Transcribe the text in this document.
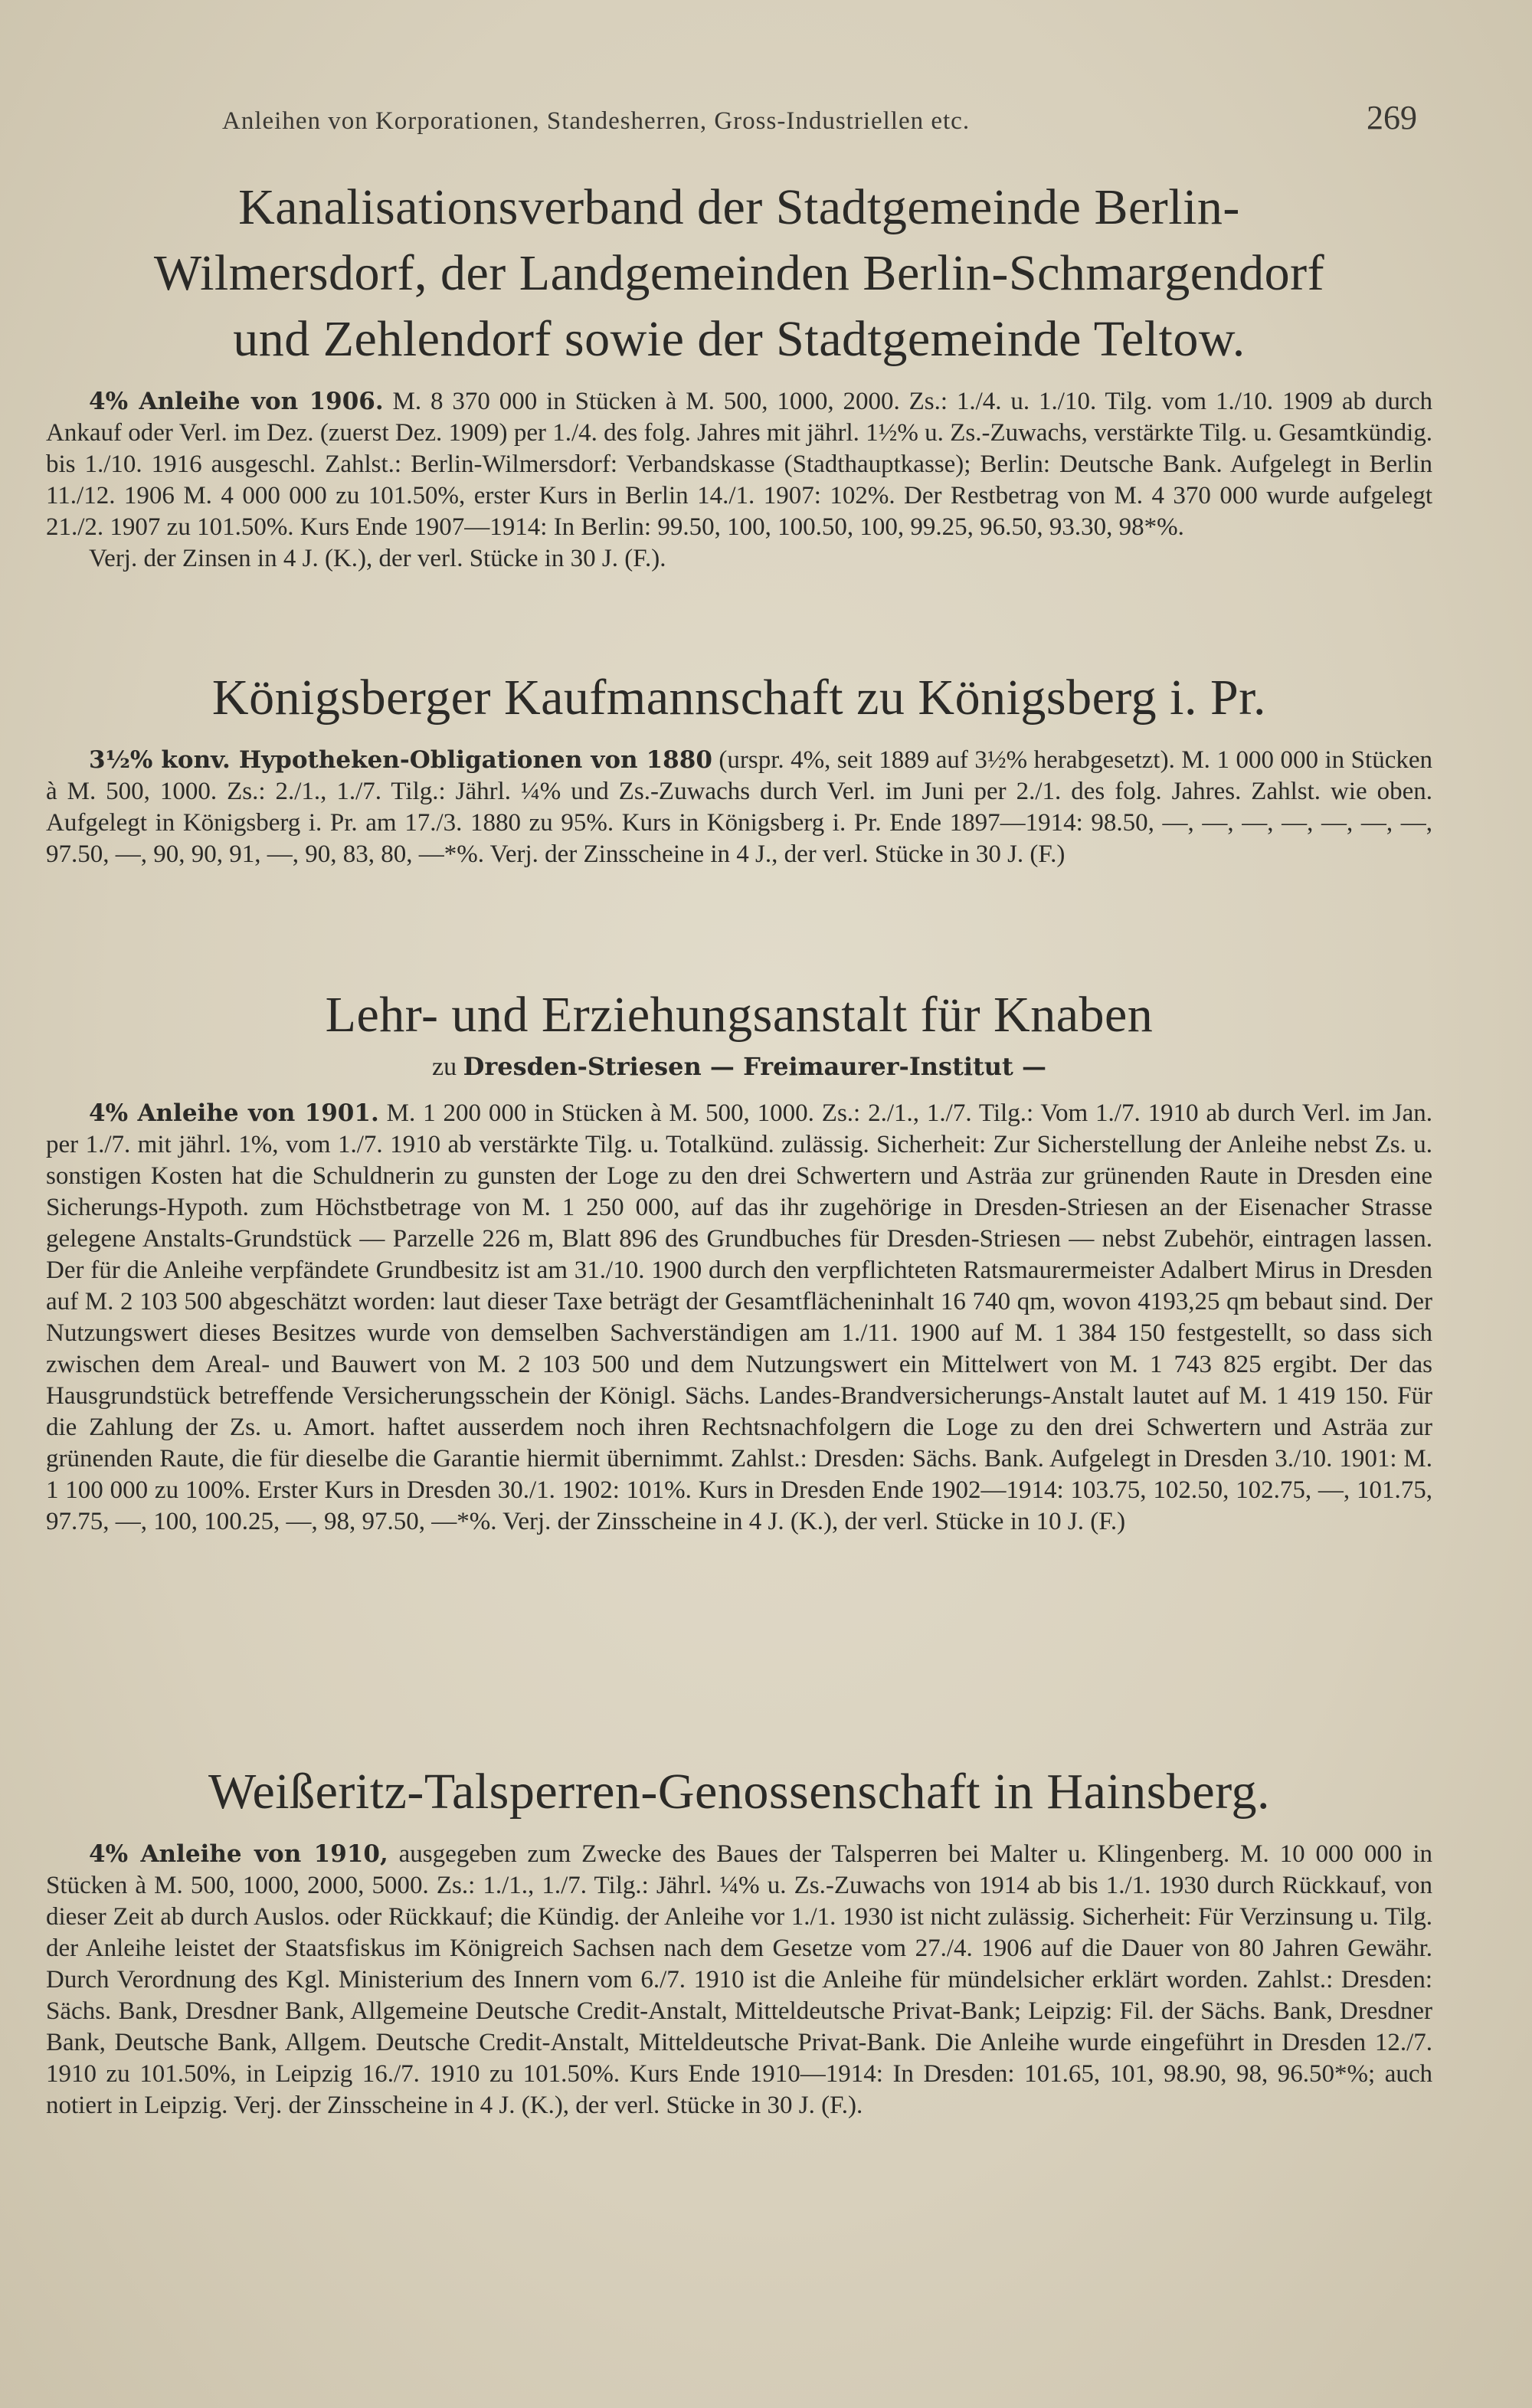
Anleihen von Korporationen, Standesherren, Gross-Industriellen etc.	269
Kanalisationsverband der Stadtgemeinde Berlin-
Wilmersdorf, der Landgemeinden Berlin-Schmargendorf
und Zehlendorf sowie der Stadtgemeinde Teltow.

4% Anleihe von 1906. M. 8 370 000 in Stücken à M. 500, 1000, 2000. Zs.: 1./4. u. 1./10. Tilg. vom 1./10. 1909 ab durch Ankauf oder Verl. im Dez. (zuerst Dez. 1909) per 1./4. des folg. Jahres mit jährl. 1½% u. Zs.-Zuwachs, verstärkte Tilg. u. Gesamtkündig. bis 1./10. 1916 ausgeschl. Zahlst.: Berlin-Wilmersdorf: Verbandskasse (Stadthauptkasse); Berlin: Deutsche Bank. Aufgelegt in Berlin 11./12. 1906 M. 4 000 000 zu 101.50%, erster Kurs in Berlin 14./1. 1907: 102%. Der Restbetrag von M. 4 370 000 wurde aufgelegt 21./2. 1907 zu 101.50%. Kurs Ende 1907—1914: In Berlin: 99.50, 100, 100.50, 100, 99.25, 96.50, 93.30, 98*%.

Verj. der Zinsen in 4 J. (K.), der verl. Stücke in 30 J. (F.).

Königsberger Kaufmannschaft zu Königsberg i. Pr.

3½% konv. Hypotheken-Obligationen von 1880 (urspr. 4%, seit 1889 auf 3½% herabgesetzt). M. 1 000 000 in Stücken à M. 500, 1000. Zs.: 2./1., 1./7. Tilg.: Jährl. ¼% und Zs.-Zuwachs durch Verl. im Juni per 2./1. des folg. Jahres. Zahlst. wie oben. Aufgelegt in Königsberg i. Pr. am 17./3. 1880 zu 95%. Kurs in Königsberg i. Pr. Ende 1897—1914: 98.50, —, —, —, —, —, —, —, 97.50, —, 90, 90, 91, —, 90, 83, 80, —*%. Verj. der Zinsscheine in 4 J., der verl. Stücke in 30 J. (F.)

Lehr- und Erziehungsanstalt für Knaben
zu Dresden-Striesen — Freimaurer-Institut —

4% Anleihe von 1901. M. 1 200 000 in Stücken à M. 500, 1000. Zs.: 2./1., 1./7. Tilg.: Vom 1./7. 1910 ab durch Verl. im Jan. per 1./7. mit jährl. 1%, vom 1./7. 1910 ab verstärkte Tilg. u. Totalkünd. zulässig. Sicherheit: Zur Sicherstellung der Anleihe nebst Zs. u. sonstigen Kosten hat die Schuldnerin zu gunsten der Loge zu den drei Schwertern und Asträa zur grünenden Raute in Dresden eine Sicherungs-Hypoth. zum Höchstbetrage von M. 1 250 000, auf das ihr zugehörige in Dresden-Striesen an der Eisenacher Strasse gelegene Anstalts-Grundstück — Parzelle 226 m, Blatt 896 des Grundbuches für Dresden-Striesen — nebst Zubehör, eintragen lassen. Der für die Anleihe verpfändete Grundbesitz ist am 31./10. 1900 durch den verpflichteten Ratsmaurermeister Adalbert Mirus in Dresden auf M. 2 103 500 abgeschätzt worden: laut dieser Taxe beträgt der Gesamtflächeninhalt 16 740 qm, wovon 4193,25 qm bebaut sind. Der Nutzungswert dieses Besitzes wurde von demselben Sachverständigen am 1./11. 1900 auf M. 1 384 150 festgestellt, so dass sich zwischen dem Areal- und Bauwert von M. 2 103 500 und dem Nutzungswert ein Mittelwert von M. 1 743 825 ergibt. Der das Hausgrundstück betreffende Versicherungsschein der Königl. Sächs. Landes-Brandversicherungs-Anstalt lautet auf M. 1 419 150. Für die Zahlung der Zs. u. Amort. haftet ausserdem noch ihren Rechtsnachfolgern die Loge zu den drei Schwertern und Asträa zur grünenden Raute, die für dieselbe die Garantie hiermit übernimmt. Zahlst.: Dresden: Sächs. Bank. Aufgelegt in Dresden 3./10. 1901: M. 1 100 000 zu 100%. Erster Kurs in Dresden 30./1. 1902: 101%. Kurs in Dresden Ende 1902—1914: 103.75, 102.50, 102.75, —, 101.75, 97.75, —, 100, 100.25, —, 98, 97.50, —*%. Verj. der Zinsscheine in 4 J. (K.), der verl. Stücke in 10 J. (F.)

Weißeritz-Talsperren-Genossenschaft in Hainsberg.

4% Anleihe von 1910, ausgegeben zum Zwecke des Baues der Talsperren bei Malter u. Klingenberg. M. 10 000 000 in Stücken à M. 500, 1000, 2000, 5000. Zs.: 1./1., 1./7. Tilg.: Jährl. ¼% u. Zs.-Zuwachs von 1914 ab bis 1./1. 1930 durch Rückkauf, von dieser Zeit ab durch Auslos. oder Rückkauf; die Kündig. der Anleihe vor 1./1. 1930 ist nicht zulässig. Sicherheit: Für Verzinsung u. Tilg. der Anleihe leistet der Staatsfiskus im Königreich Sachsen nach dem Gesetze vom 27./4. 1906 auf die Dauer von 80 Jahren Gewähr. Durch Verordnung des Kgl. Ministerium des Innern vom 6./7. 1910 ist die Anleihe für mündelsicher erklärt worden. Zahlst.: Dresden: Sächs. Bank, Dresdner Bank, Allgemeine Deutsche Credit-Anstalt, Mitteldeutsche Privat-Bank; Leipzig: Fil. der Sächs. Bank, Dresdner Bank, Deutsche Bank, Allgem. Deutsche Credit-Anstalt, Mitteldeutsche Privat-Bank. Die Anleihe wurde eingeführt in Dresden 12./7. 1910 zu 101.50%, in Leipzig 16./7. 1910 zu 101.50%. Kurs Ende 1910—1914: In Dresden: 101.65, 101, 98.90, 98, 96.50*%; auch notiert in Leipzig. Verj. der Zinsscheine in 4 J. (K.), der verl. Stücke in 30 J. (F.).
